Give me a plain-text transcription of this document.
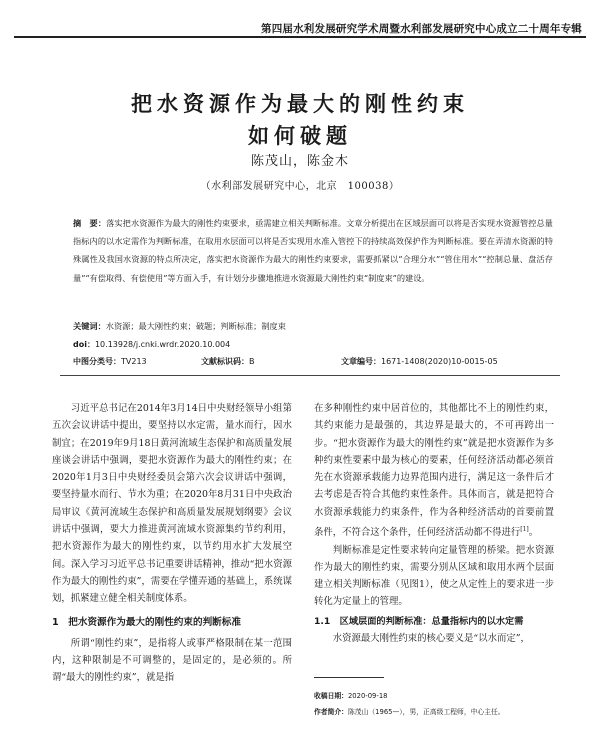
第四届水利发展研究学术周暨水利部发展研究中心成立二十周年专辑
把水资源作为最大的刚性约束
如何破题
陈茂山，陈金木
（水利部发展研究中心，北京　100038）
摘　要：落实把水资源作为最大的刚性约束要求，亟需建立相关判断标准。文章分析提出在区域层面可以将是否实现水资源管控总量指标内的以水定需作为判断标准，在取用水层面可以将是否实现用水准入管控下的持续高效保护作为判断标准。要在弄清水资源的特殊属性及我国水资源的特点所决定，落实把水资源作为最大的刚性约束要求，需要抓紧以“合理分水”“管住用水”“控制总量、盘活存量”“有偿取得、有偿使用”等方面入手，有计划分步骤地推进水资源最大刚性约束“制度束”的建设。
关键词：水资源；最大刚性约束；破题；判断标准；制度束
doi：10.13928/j.cnki.wrdr.2020.10.004
中图分类号：TV213	文献标识码：B	文章编号：1671-1408(2020)10-0015-05

习近平总书记在2014年3月14日中央财经领导小组第五次会议讲话中提出，要坚持以水定需，量水而行，因水制宜；在2019年9月18日黄河流域生态保护和高质量发展座谈会讲话中强调，要把水资源作为最大的刚性约束；在2020年1月3日中央财经委员会第六次会议讲话中强调，要坚持量水而行、节水为重；在2020年8月31日中央政治局审议《黄河流域生态保护和高质量发展规划纲要》会议讲话中强调，要大力推进黄河流域水资源集约节约利用，把水资源作为最大的刚性约束，以节约用水扩大发展空间。深入学习习近平总书记重要讲话精神，推动“把水资源作为最大的刚性约束”，需要在学懂弄通的基础上，系统谋划，抓紧建立健全相关制度体系。

1　把水资源作为最大的刚性约束的判断标准

所谓“刚性约束”，是指将人或事严格限制在某一范围内，这种限制是不可调整的，是固定的，是必须的。所谓“最大的刚性约束”，就是指

在多种刚性约束中居首位的，其他都比不上的刚性约束，其约束能力是最强的，其边界是最大的，不可再跨出一步。“把水资源作为最大的刚性约束”就是把水资源作为多种约束性要素中最为核心的要素，任何经济活动都必须首先在水资源承载能力边界范围内进行，满足这一条件后才去考虑是否符合其他约束性条件。具体而言，就是把符合水资源承载能力约束条件，作为各种经济活动的首要前置条件，不符合这个条件，任何经济活动都不得进行[1]。

判断标准是定性要求转向定量管理的桥梁。把水资源作为最大的刚性约束，需要分别从区域和取用水两个层面建立相关判断标准（见图1），使之从定性上的要求进一步转化为定量上的管理。

1.1　 区域层面的判断标准：总量指标内的以水定需

水资源最大刚性约束的核心要义是“以水而定”，

收稿日期：2020-09-18
作者简介：陈茂山（1965—），男，正高级工程师，中心主任。
